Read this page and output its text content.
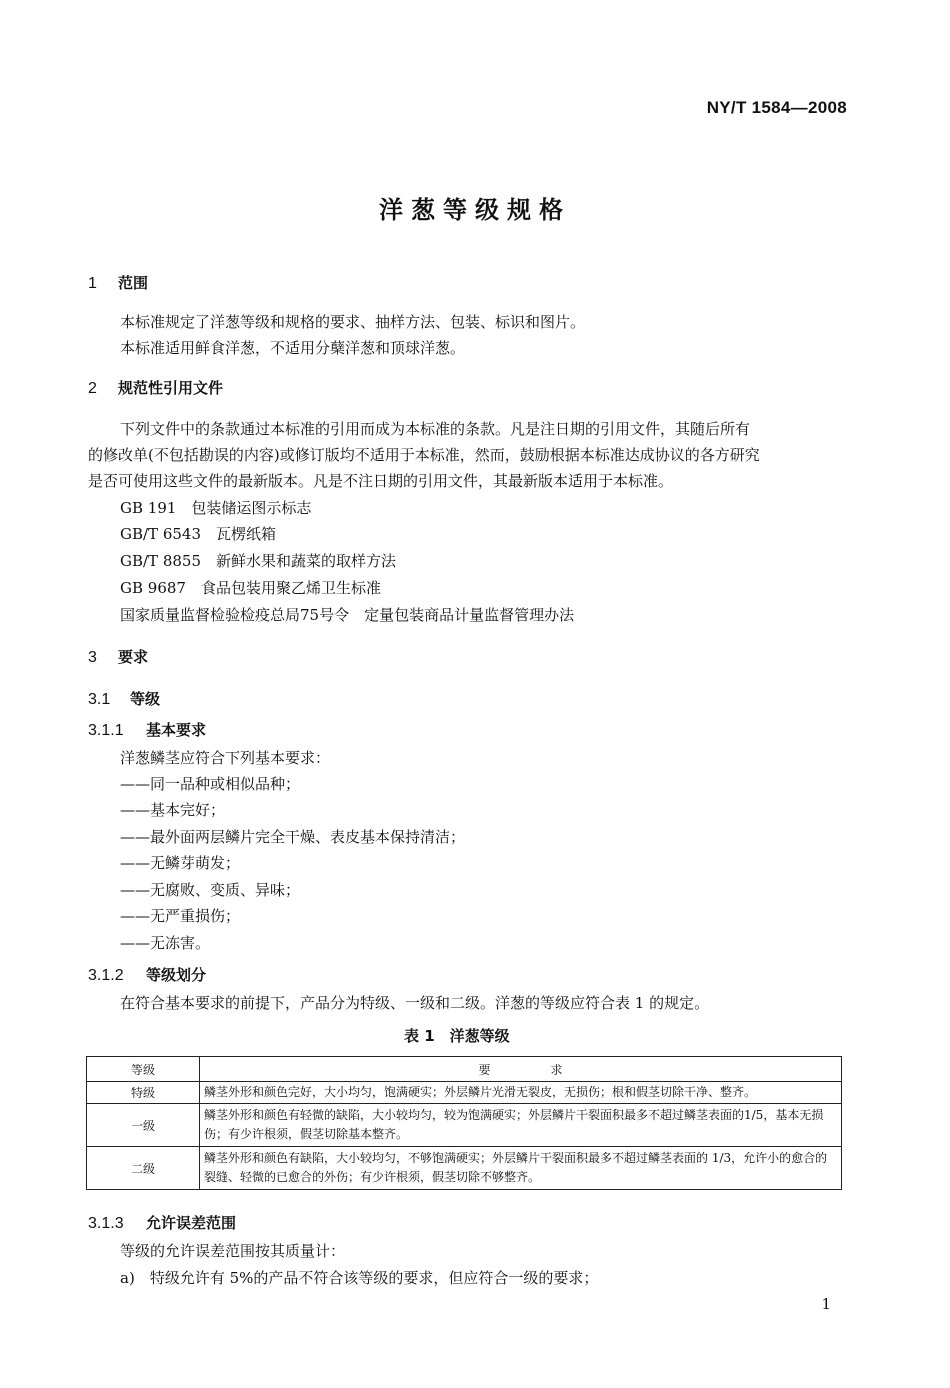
NY/T 1584—2008
洋葱等级规格
1 范围
本标准规定了洋葱等级和规格的要求、抽样方法、包装、标识和图片。
本标准适用鲜食洋葱，不适用分蘖洋葱和顶球洋葱。
2 规范性引用文件
下列文件中的条款通过本标准的引用而成为本标准的条款。凡是注日期的引用文件，其随后所有
的修改单(不包括勘误的内容)或修订版均不适用于本标准，然而，鼓励根据本标准达成协议的各方研究
是否可使用这些文件的最新版本。凡是不注日期的引用文件，其最新版本适用于本标准。
GB 191　 包装储运图示标志
GB/T 6543　 瓦楞纸箱
GB/T 8855　 新鲜水果和蔬菜的取样方法
GB 9687　 食品包装用聚乙烯卫生标准
国家质量监督检验检疫总局75号令　 定量包装商品计量监督管理办法
3 要求
3.1 等级
3.1.1 基本要求
洋葱鳞茎应符合下列基本要求：
——同一品种或相似品种；
——基本完好；
——最外面两层鳞片完全干燥、表皮基本保持清洁；
——无鳞芽萌发；
——无腐败、变质、异味；
——无严重损伤；
——无冻害。
3.1.2 等级划分
在符合基本要求的前提下，产品分为特级、一级和二级。洋葱的等级应符合表 1 的规定。
表 1　洋葱等级
等级	要求
特级	鳞茎外形和颜色完好，大小均匀，饱满硬实；外层鳞片光滑无裂皮，无损伤；根和假茎切除干净、整齐。
一级	鳞茎外形和颜色有轻微的缺陷，大小较均匀，较为饱满硬实；外层鳞片干裂面积最多不超过鳞茎表面的1/5，基本无损伤；有少许根须，假茎切除基本整齐。
二级	鳞茎外形和颜色有缺陷，大小较均匀，不够饱满硬实；外层鳞片干裂面积最多不超过鳞茎表面的 1/3，允许小的愈合的裂缝、轻微的已愈合的外伤；有少许根须，假茎切除不够整齐。
3.1.3 允许误差范围
等级的允许误差范围按其质量计：
a)　 特级允许有 5%的产品不符合该等级的要求，但应符合一级的要求；
1
